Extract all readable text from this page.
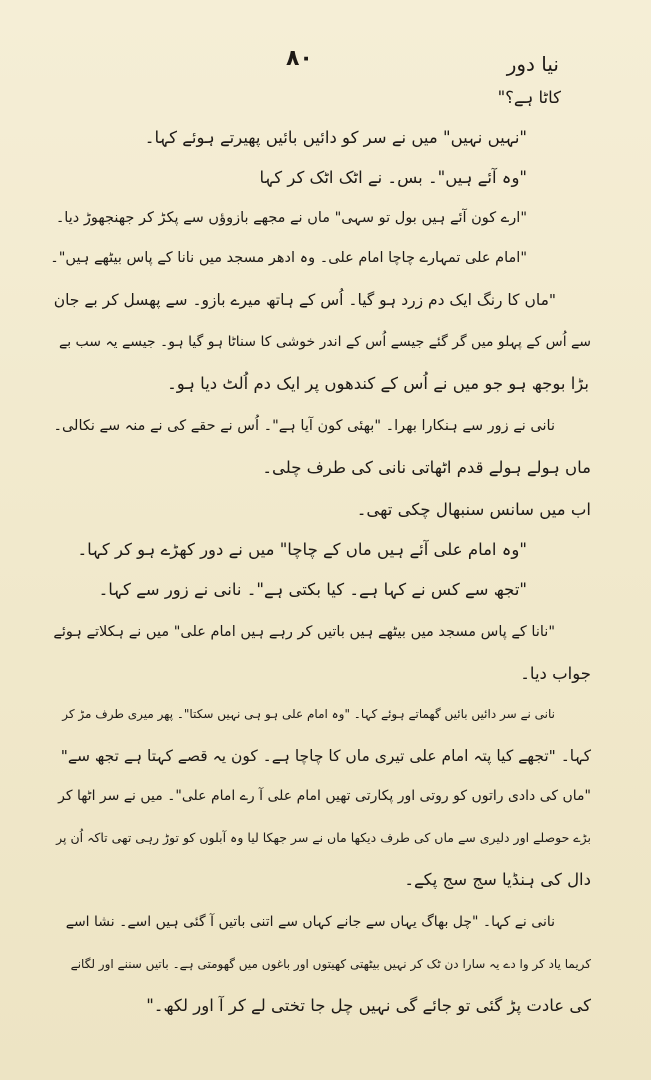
۸۰	نیا دور
کاٹا ہے؟"
"نہیں نہیں" میں نے سر کو دائیں بائیں پھیرتے ہوئے کہا۔
"وہ آئے ہیں"۔ بس۔ نے اٹک اٹک کر کہا
"ارے کون آئے ہیں بول تو سہی" ماں نے مجھے بازوؤں سے پکڑ کر جھنجھوڑ دیا۔
"امام علی تمہارے چاچا امام علی۔ وہ ادھر مسجد میں نانا کے پاس بیٹھے ہیں"۔
"ماں کا رنگ ایک دم زرد ہو گیا۔ اُس کے ہاتھ میرے بازو۔ سے پھسل کر بے جان
سے اُس کے پہلو میں گر گئے جیسے اُس کے اندر خوشی کا سناٹا ہو گیا ہو۔ جیسے یہ سب بے
بڑا بوجھ ہو جو میں نے اُس کے کندھوں پر ایک دم اُلٹ دیا ہو۔
نانی نے زور سے ہنکارا بھرا۔ "بھئی کون آیا ہے"۔ اُس نے حقے کی نے منہ سے نکالی۔
ماں ہولے ہولے قدم اٹھاتی نانی کی طرف چلی۔
اب میں سانس سنبھال چکی تھی۔
"وہ امام علی آئے ہیں ماں کے چاچا" میں نے دور کھڑے ہو کر کہا۔
"تجھ سے کس نے کہا ہے۔ کیا بکتی ہے"۔ نانی نے زور سے کہا۔
"نانا کے پاس مسجد میں بیٹھے ہیں باتیں کر رہے ہیں امام علی" میں نے ہکلاتے ہوئے
جواب دیا۔
نانی نے سر دائیں بائیں گھماتے ہوئے کہا۔ "وہ امام علی ہو ہی نہیں سکتا"۔ پھر میری طرف مڑ کر
کہا۔ "تجھے کیا پتہ امام علی تیری ماں کا چاچا ہے۔ کون یہ قصے کہتا ہے تجھ سے"
"ماں کی دادی راتوں کو روتی اور پکارتی تھیں امام علی آ رے امام علی"۔ میں نے سر اٹھا کر
بڑے حوصلے اور دلیری سے ماں کی طرف دیکھا ماں نے سر جھکا لیا وہ آبلوں کو توڑ رہی تھی تاکہ اُن پر
دال کی ہنڈیا سج سج پکے۔
نانی نے کہا۔ "چل بھاگ یہاں سے جانے کہاں سے اتنی باتیں آ گئی ہیں اسے۔ نشا اسے
کریما یاد کر وا دے یہ سارا دن ٹک کر نہیں بیٹھتی کھیتوں اور باغوں میں گھومتی ہے۔ باتیں سننے اور لگانے
کی عادت پڑ گئی تو جائے گی نہیں چل جا تختی لے کر آ اور لکھ۔"
